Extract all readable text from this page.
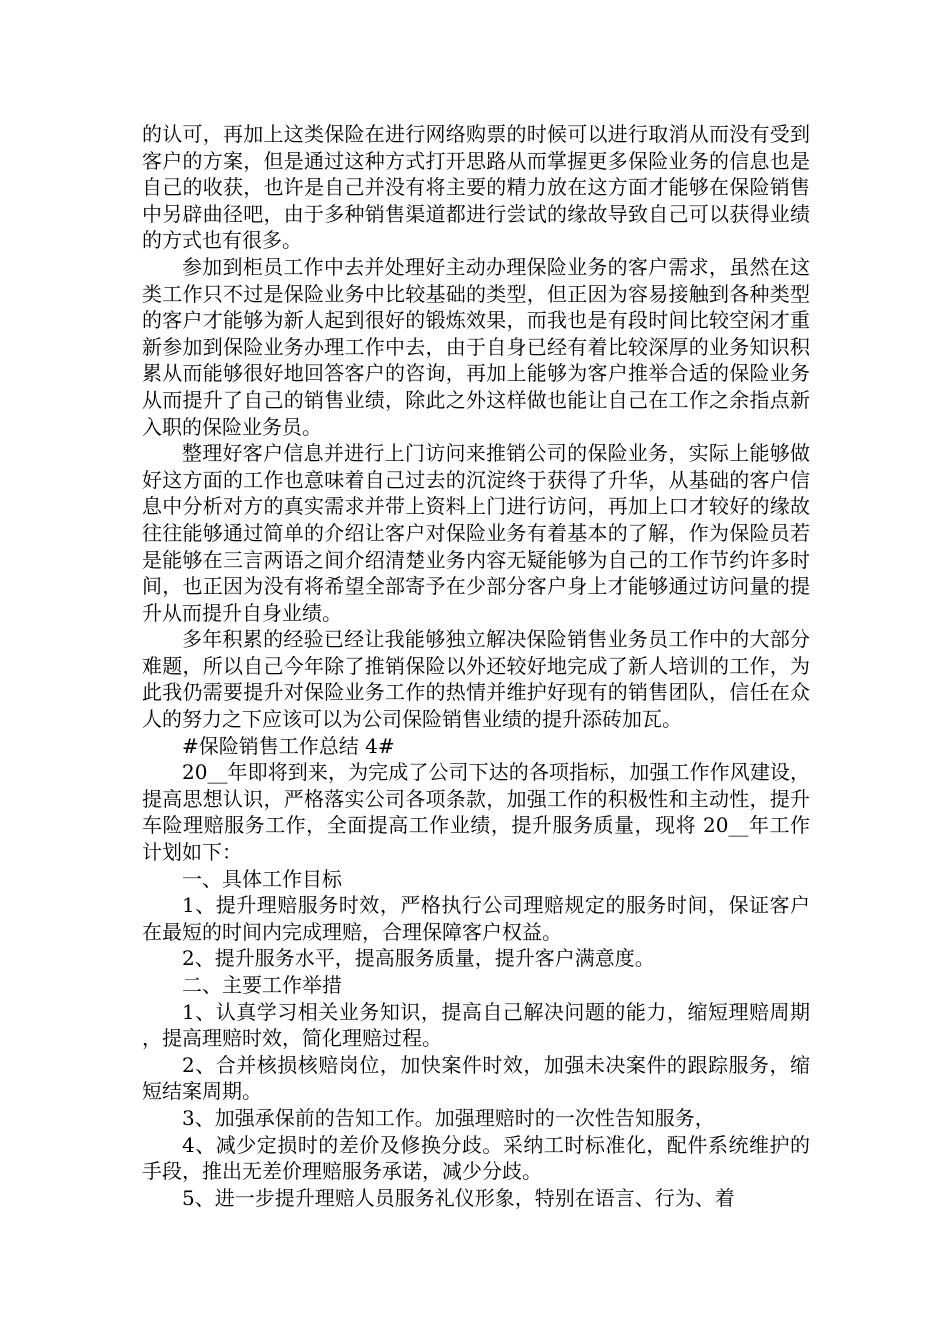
的认可，再加上这类保险在进行网络购票的时候可以进行取消从而没有受到客户的方案，但是通过这种方式打开思路从而掌握更多保险业务的信息也是自己的收获，也许是自己并没有将主要的精力放在这方面才能够在保险销售中另辟曲径吧，由于多种销售渠道都进行尝试的缘故导致自己可以获得业绩的方式也有很多。

参加到柜员工作中去并处理好主动办理保险业务的客户需求，虽然在这类工作只不过是保险业务中比较基础的类型，但正因为容易接触到各种类型的客户才能够为新人起到很好的锻炼效果，而我也是有段时间比较空闲才重新参加到保险业务办理工作中去，由于自身已经有着比较深厚的业务知识积累从而能够很好地回答客户的咨询，再加上能够为客户推举合适的保险业务从而提升了自己的销售业绩，除此之外这样做也能让自己在工作之余指点新入职的保险业务员。

整理好客户信息并进行上门访问来推销公司的保险业务，实际上能够做好这方面的工作也意味着自己过去的沉淀终于获得了升华，从基础的客户信息中分析对方的真实需求并带上资料上门进行访问，再加上口才较好的缘故往往能够通过简单的介绍让客户对保险业务有着基本的了解，作为保险员若是能够在三言两语之间介绍清楚业务内容无疑能够为自己的工作节约许多时间，也正因为没有将希望全部寄予在少部分客户身上才能够通过访问量的提升从而提升自身业绩。

多年积累的经验已经让我能够独立解决保险销售业务员工作中的大部分难题，所以自己今年除了推销保险以外还较好地完成了新人培训的工作，为此我仍需要提升对保险业务工作的热情并维护好现有的销售团队，信任在众人的努力之下应该可以为公司保险销售业绩的提升添砖加瓦。

#保险销售工作总结 4#

20__年即将到来，为完成了公司下达的各项指标，加强工作作风建设，提高思想认识，严格落实公司各项条款，加强工作的积极性和主动性，提升车险理赔服务工作，全面提高工作业绩，提升服务质量，现将 20__年工作计划如下：

一、具体工作目标

1、提升理赔服务时效，严格执行公司理赔规定的服务时间，保证客户在最短的时间内完成理赔，合理保障客户权益。

2、提升服务水平，提高服务质量，提升客户满意度。

二、主要工作举措

1、认真学习相关业务知识，提高自己解决问题的能力，缩短理赔周期，提高理赔时效，简化理赔过程。

2、合并核损核赔岗位，加快案件时效，加强未决案件的跟踪服务，缩短结案周期。

3、加强承保前的告知工作。加强理赔时的一次性告知服务，

4、减少定损时的差价及修换分歧。采纳工时标准化，配件系统维护的手段，推出无差价理赔服务承诺，减少分歧。

5、进一步提升理赔人员服务礼仪形象，特别在语言、行为、着
